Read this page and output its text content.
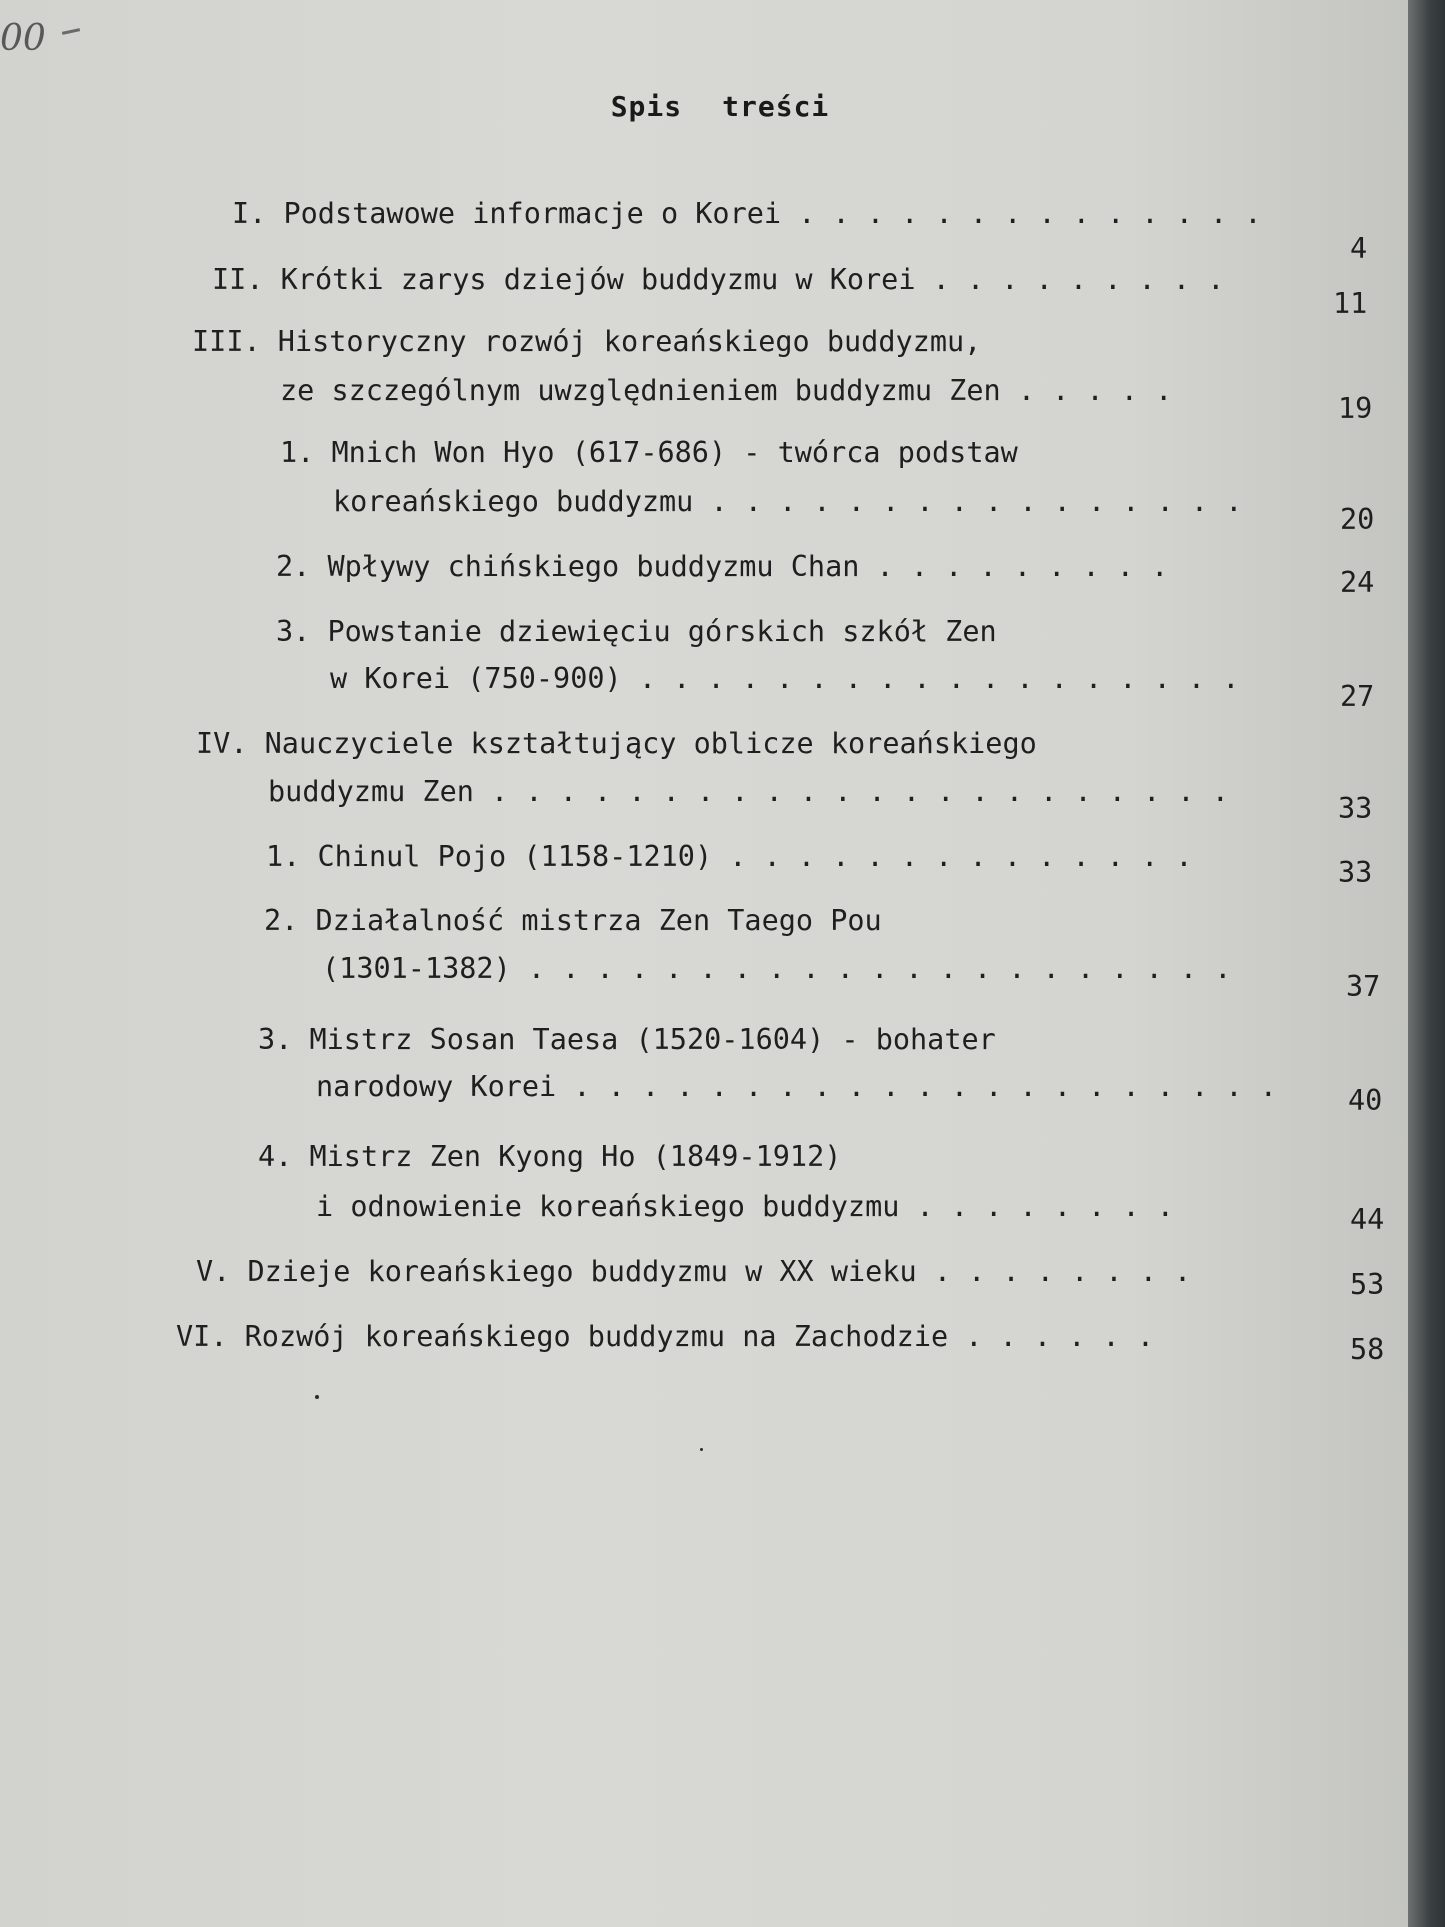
00
Spis treści
I. Podstawowe informacje o Korei . . . . . . . . . . . . . .
4
II. Krótki zarys dziejów buddyzmu w Korei . . . . . . . . .
11
III. Historyczny rozwój koreańskiego buddyzmu,
ze szczególnym uwzględnieniem buddyzmu Zen . . . . .
19
1. Mnich Won Hyo (617-686) - twórca podstaw
koreańskiego buddyzmu . . . . . . . . . . . . . . . .
20
2. Wpływy chińskiego buddyzmu Chan . . . . . . . . .	24
3. Powstanie dziewięciu górskich szkół Zen
w Korei (750-900) . . . . . . . . . . . . . . . . . .
27
IV. Nauczyciele kształtujący oblicze koreańskiego
buddyzmu Zen . . . . . . . . . . . . . . . . . . . . . .
33
1. Chinul Pojo (1158-1210) . . . . . . . . . . . . . .	33
2. Działalność mistrza Zen Taego Pou
(1301-1382) . . . . . . . . . . . . . . . . . . . . .
37
3. Mistrz Sosan Taesa (1520-1604) - bohater
narodowy Korei . . . . . . . . . . . . . . . . . . . . . 40
4. Mistrz Zen Kyong Ho (1849-1912)
i odnowienie koreańskiego buddyzmu . . . . . . . .	44
V. Dzieje koreańskiego buddyzmu w XX wieku . . . . . . . .	53
VI. Rozwój koreańskiego buddyzmu na Zachodzie . . . . . .	58
